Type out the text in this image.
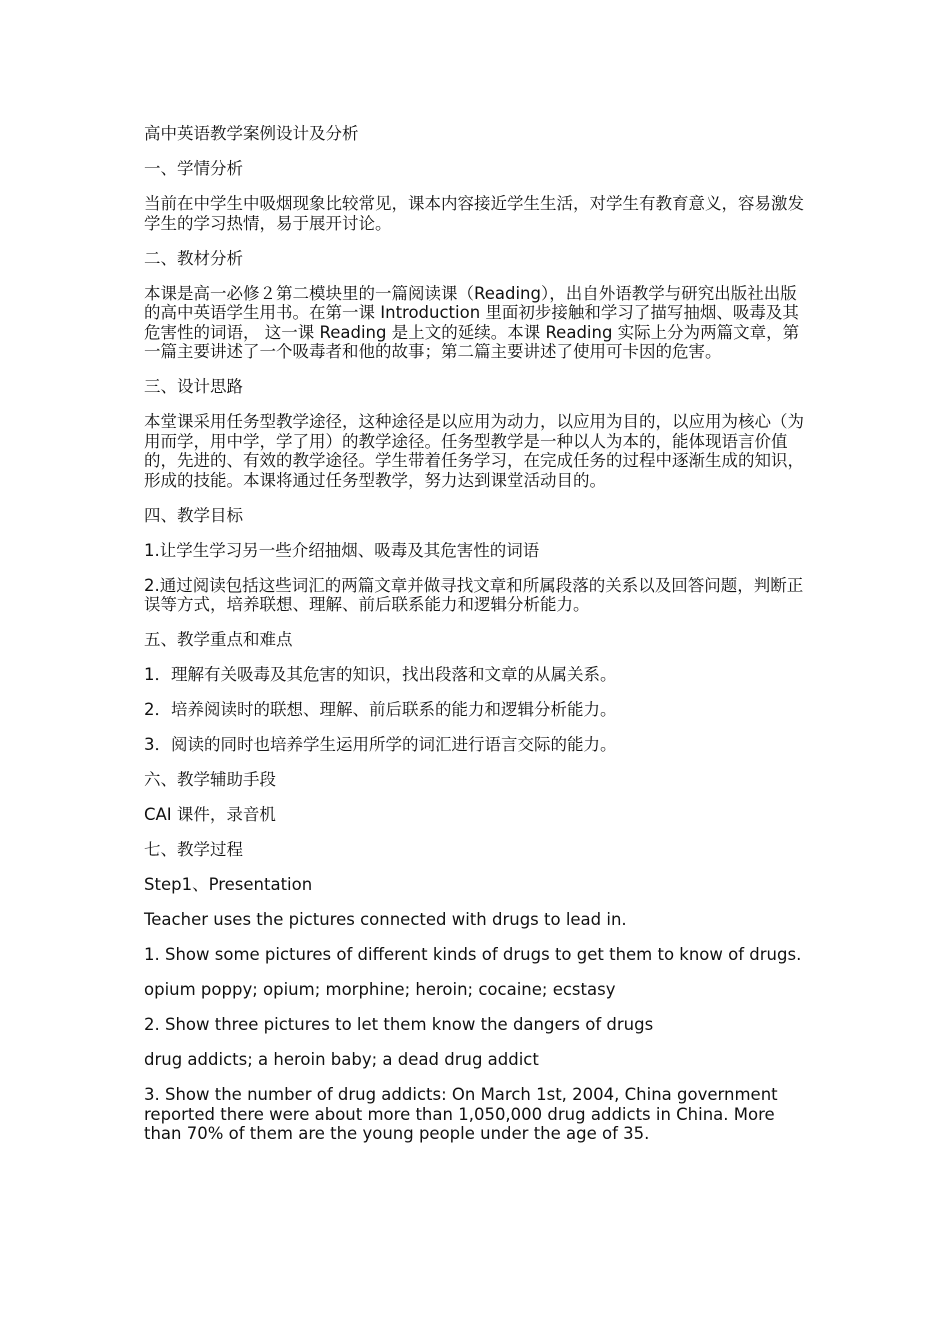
高中英语教学案例设计及分析

一、学情分析

当前在中学生中吸烟现象比较常见，课本内容接近学生生活，对学生有教育意义，容易激发学生的学习热情，易于展开讨论。

二、教材分析

本课是高一必修２第二模块里的一篇阅读课（Reading），出自外语教学与研究出版社出版的高中英语学生用书。在第一课 Introduction 里面初步接触和学习了描写抽烟、吸毒及其危害性的词语， 这一课 Reading 是上文的延续。本课 Reading 实际上分为两篇文章，第一篇主要讲述了一个吸毒者和他的故事；第二篇主要讲述了使用可卡因的危害。

三、设计思路

本堂课采用任务型教学途径，这种途径是以应用为动力，以应用为目的，以应用为核心（为用而学，用中学，学了用）的教学途径。任务型教学是一种以人为本的，能体现语言价值的，先进的、有效的教学途径。学生带着任务学习，在完成任务的过程中逐渐生成的知识，形成的技能。本课将通过任务型教学，努力达到课堂活动目的。

四、教学目标

1.让学生学习另一些介绍抽烟、吸毒及其危害性的词语

2.通过阅读包括这些词汇的两篇文章并做寻找文章和所属段落的关系以及回答问题，判断正误等方式，培养联想、理解、前后联系能力和逻辑分析能力。

五、教学重点和难点

1．理解有关吸毒及其危害的知识，找出段落和文章的从属关系。

2．培养阅读时的联想、理解、前后联系的能力和逻辑分析能力。

3．阅读的同时也培养学生运用所学的词汇进行语言交际的能力。

六、教学辅助手段

CAI 课件，录音机

七、教学过程

Step1、Presentation

Teacher uses the pictures connected with drugs to lead in.

1. Show some pictures of different kinds of drugs to get them to know of drugs.

opium poppy; opium; morphine; heroin; cocaine; ecstasy

2. Show three pictures to let them know the dangers of drugs

drug addicts; a heroin baby; a dead drug addict

3. Show the number of drug addicts: On March 1st, 2004, China government reported there were about more than 1,050,000 drug addicts in China. More than 70% of them are the young people under the age of 35.
